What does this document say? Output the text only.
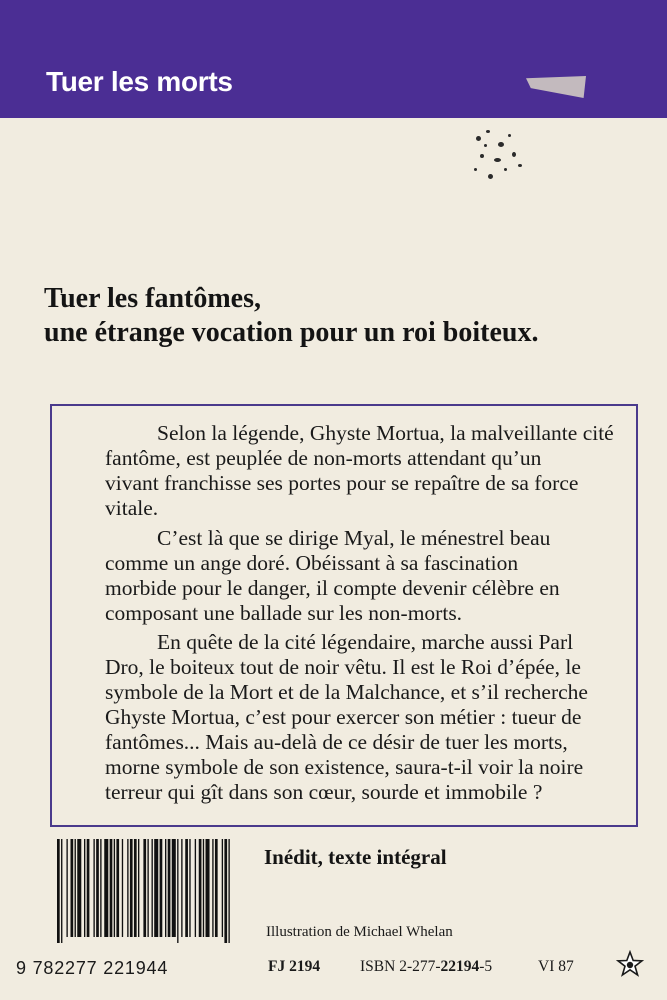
Tuer les morts
Tuer les fantômes,
une étrange vocation pour un roi boiteux.

Selon la légende, Ghyste Mortua, la malveillante cité
fantôme, est peuplée de non-morts attendant qu’un
vivant franchisse ses portes pour se repaître de sa force
vitale.

C’est là que se dirige Myal, le ménestrel beau
comme un ange doré. Obéissant à sa fascination
morbide pour le danger, il compte devenir célèbre en
composant une ballade sur les non-morts.

En quête de la cité légendaire, marche aussi Parl
Dro, le boiteux tout de noir vêtu. Il est le Roi d’épée, le
symbole de la Mort et de la Malchance, et s’il recherche
Ghyste Mortua, c’est pour exercer son métier : tueur de
fantômes... Mais au-delà de ce désir de tuer les morts,
morne symbole de son existence, saura-t-il voir la noire
terreur qui gît dans son cœur, sourde et immobile ?

9 782277 221944
Inédit, texte intégral
Illustration de Michael Whelan
FJ 2194	ISBN 2-277-22194-5	VI 87
